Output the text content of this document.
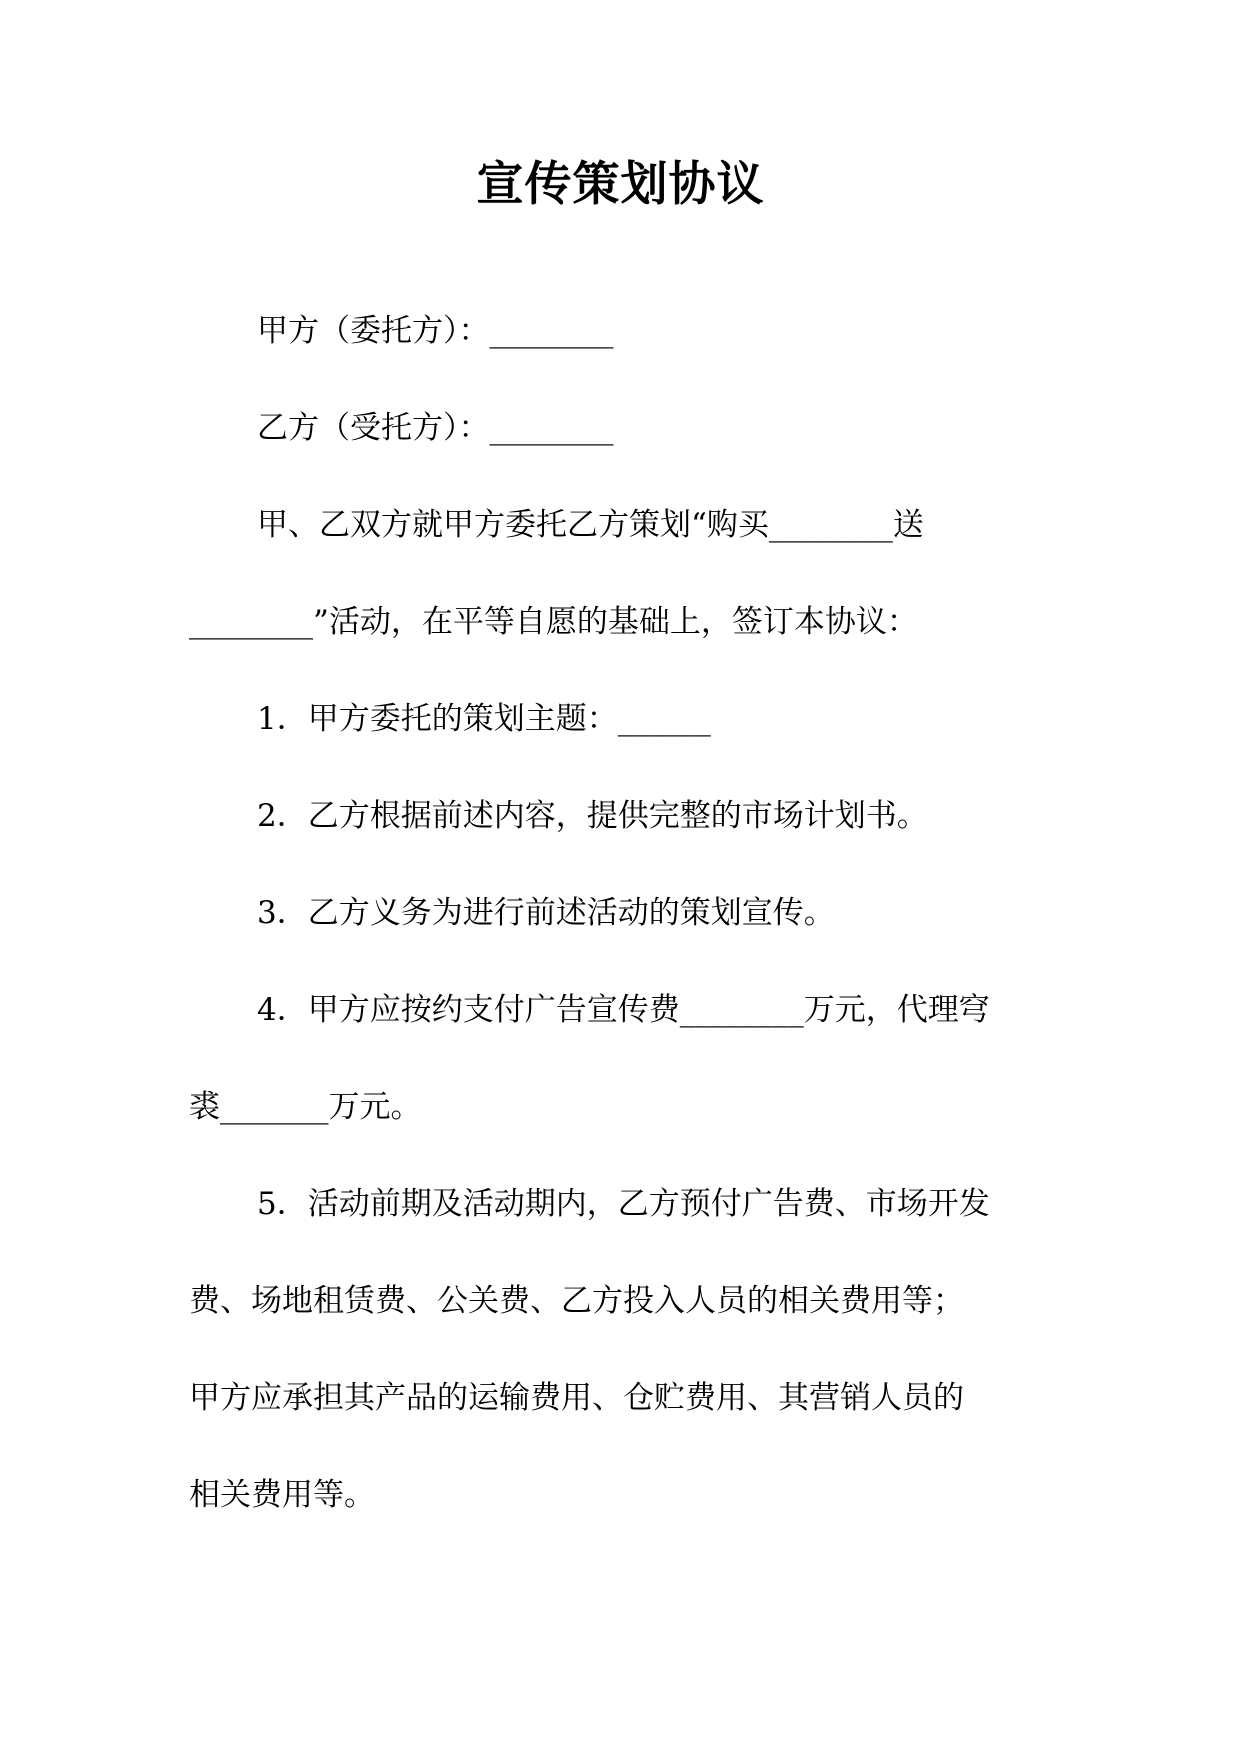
宣传策划协议
甲方（委托方）：________
乙方（受托方）：________
甲、乙双方就甲方委托乙方策划“购买________送
________”活动，在平等自愿的基础上，签订本协议：
1．甲方委托的策划主题：______
2．乙方根据前述内容，提供完整的市场计划书。
3．乙方义务为进行前述活动的策划宣传。
4．甲方应按约支付广告宣传费________万元，代理穹
裘_______万元。
5．活动前期及活动期内，乙方预付广告费、市场开发
费、场地租赁费、公关费、乙方投入人员的相关费用等；
甲方应承担其产品的运输费用、仓贮费用、其营销人员的
相关费用等。
